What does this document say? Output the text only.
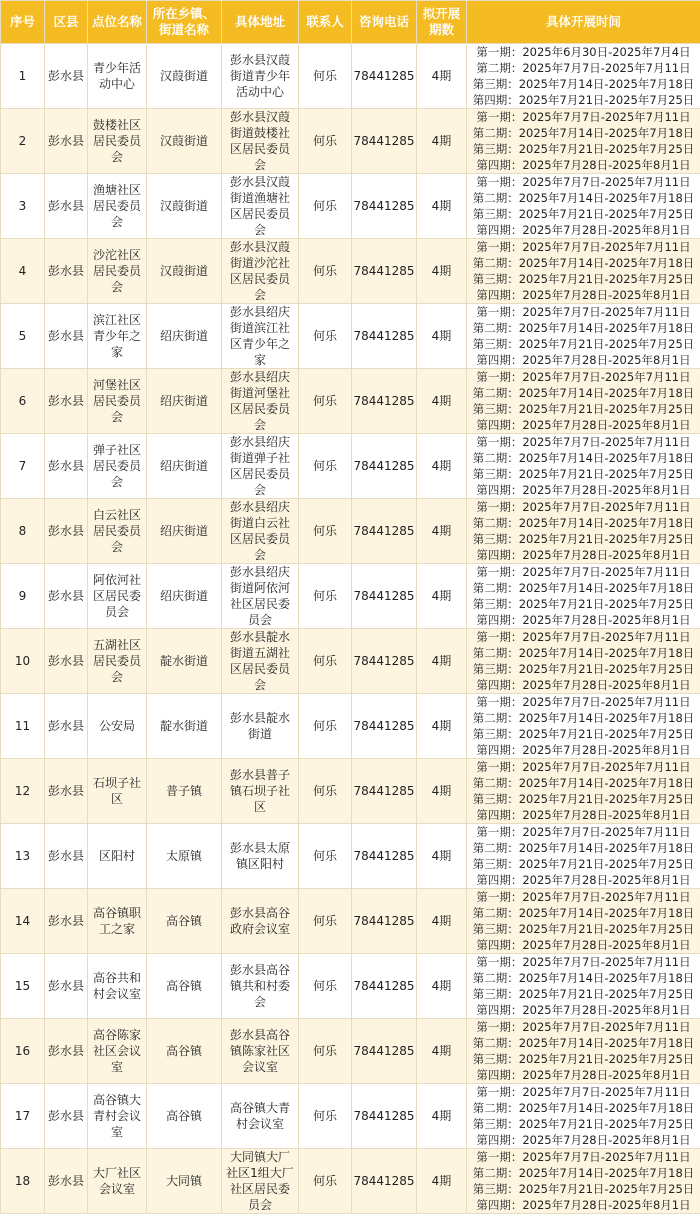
序号	区县	点位名称	所在乡镇、街道名称	具体地址	联系人	咨询电话	拟开展期数	具体开展时间
1	彭水县	青少年活动中心	汉葭街道	彭水县汉葭街道青少年活动中心	何乐	78441285	4期	第一期：2025年6月30日-2025年7月4日
第二期：2025年7月7日-2025年7月11日
第三期：2025年7月14日-2025年7月18日
第四期：2025年7月21日-2025年7月25日

2	彭水县	鼓楼社区居民委员会	汉葭街道	彭水县汉葭街道鼓楼社区居民委员会	何乐	78441285	4期	第一期：2025年7月7日-2025年7月11日
第二期：2025年7月14日-2025年7月18日
第三期：2025年7月21日-2025年7月25日
第四期：2025年7月28日-2025年8月1日

3	彭水县	渔塘社区居民委员会	汉葭街道	彭水县汉葭街道渔塘社区居民委员会	何乐	78441285	4期	第一期：2025年7月7日-2025年7月11日
第二期：2025年7月14日-2025年7月18日
第三期：2025年7月21日-2025年7月25日
第四期：2025年7月28日-2025年8月1日

4	彭水县	沙沱社区居民委员会	汉葭街道	彭水县汉葭街道沙沱社区居民委员会	何乐	78441285	4期	第一期：2025年7月7日-2025年7月11日
第二期：2025年7月14日-2025年7月18日
第三期：2025年7月21日-2025年7月25日
第四期：2025年7月28日-2025年8月1日

5	彭水县	滨江社区青少年之家	绍庆街道	彭水县绍庆街道滨江社区青少年之家	何乐	78441285	4期	第一期：2025年7月7日-2025年7月11日
第二期：2025年7月14日-2025年7月18日
第三期：2025年7月21日-2025年7月25日
第四期：2025年7月28日-2025年8月1日

6	彭水县	河堡社区居民委员会	绍庆街道	彭水县绍庆街道河堡社区居民委员会	何乐	78441285	4期	第一期：2025年7月7日-2025年7月11日
第二期：2025年7月14日-2025年7月18日
第三期：2025年7月21日-2025年7月25日
第四期：2025年7月28日-2025年8月1日

7	彭水县	弹子社区居民委员会	绍庆街道	彭水县绍庆街道弹子社区居民委员会	何乐	78441285	4期	第一期：2025年7月7日-2025年7月11日
第二期：2025年7月14日-2025年7月18日
第三期：2025年7月21日-2025年7月25日
第四期：2025年7月28日-2025年8月1日

8	彭水县	白云社区居民委员会	绍庆街道	彭水县绍庆街道白云社区居民委员会	何乐	78441285	4期	第一期：2025年7月7日-2025年7月11日
第二期：2025年7月14日-2025年7月18日
第三期：2025年7月21日-2025年7月25日
第四期：2025年7月28日-2025年8月1日

9	彭水县	阿依河社区居民委员会	绍庆街道	彭水县绍庆街道阿依河社区居民委员会	何乐	78441285	4期	第一期：2025年7月7日-2025年7月11日
第二期：2025年7月14日-2025年7月18日
第三期：2025年7月21日-2025年7月25日
第四期：2025年7月28日-2025年8月1日

10	彭水县	五湖社区居民委员会	靛水街道	彭水县靛水街道五湖社区居民委员会	何乐	78441285	4期	第一期：2025年7月7日-2025年7月11日
第二期：2025年7月14日-2025年7月18日
第三期：2025年7月21日-2025年7月25日
第四期：2025年7月28日-2025年8月1日

11	彭水县	公安局	靛水街道	彭水县靛水街道	何乐	78441285	4期	第一期：2025年7月7日-2025年7月11日
第二期：2025年7月14日-2025年7月18日
第三期：2025年7月21日-2025年7月25日
第四期：2025年7月28日-2025年8月1日

12	彭水县	石坝子社区	普子镇	彭水县普子镇石坝子社区	何乐	78441285	4期	第一期：2025年7月7日-2025年7月11日
第二期：2025年7月14日-2025年7月18日
第三期：2025年7月21日-2025年7月25日
第四期：2025年7月28日-2025年8月1日

13	彭水县	区阳村	太原镇	彭水县太原镇区阳村	何乐	78441285	4期	第一期：2025年7月7日-2025年7月11日
第二期：2025年7月14日-2025年7月18日
第三期：2025年7月21日-2025年7月25日
第四期：2025年7月28日-2025年8月1日

14	彭水县	高谷镇职工之家	高谷镇	彭水县高谷政府会议室	何乐	78441285	4期	第一期：2025年7月7日-2025年7月11日
第二期：2025年7月14日-2025年7月18日
第三期：2025年7月21日-2025年7月25日
第四期：2025年7月28日-2025年8月1日

15	彭水县	高谷共和村会议室	高谷镇	彭水县高谷镇共和村委会	何乐	78441285	4期	第一期：2025年7月7日-2025年7月11日
第二期：2025年7月14日-2025年7月18日
第三期：2025年7月21日-2025年7月25日
第四期：2025年7月28日-2025年8月1日

16	彭水县	高谷陈家社区会议室	高谷镇	彭水县高谷镇陈家社区会议室	何乐	78441285	4期	第一期：2025年7月7日-2025年7月11日
第二期：2025年7月14日-2025年7月18日
第三期：2025年7月21日-2025年7月25日
第四期：2025年7月28日-2025年8月1日

17	彭水县	高谷镇大青村会议室	高谷镇	高谷镇大青村会议室	何乐	78441285	4期	第一期：2025年7月7日-2025年7月11日
第二期：2025年7月14日-2025年7月18日
第三期：2025年7月21日-2025年7月25日
第四期：2025年7月28日-2025年8月1日

18	彭水县	大厂社区会议室	大同镇	大同镇大厂社区1组大厂社区居民委员会	何乐	78441285	4期	第一期：2025年7月7日-2025年7月11日
第二期：2025年7月14日-2025年7月18日
第三期：2025年7月21日-2025年7月25日
第四期：2025年7月28日-2025年8月1日
